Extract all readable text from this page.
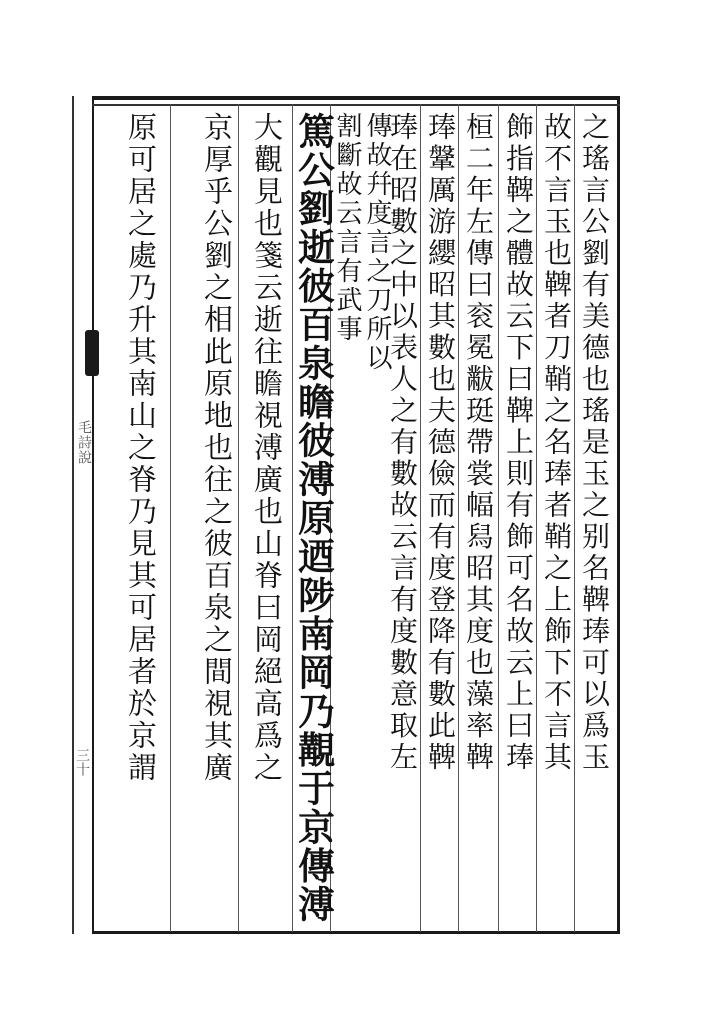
毛詩說
三十	之瑤言公劉有美德也瑤是玉之别名鞞琫可以爲玉
故不言玉也鞞者刀鞘之名琫者鞘之上飾下不言其
飾指鞞之體故云下曰鞞上則有飾可名故云上曰琫
桓二年左傳曰衮冕黻珽帶裳幅舄昭其度也藻率鞞
琫鞶厲游纓昭其數也夫德儉而有度登降有數此鞞
琫在昭數之中以表人之有數故云言有度數意取左
傳故幷度言之刀所以
割斷故云言有武事
篤公劉逝彼百泉瞻彼溥原迺陟南岡乃覯于京傳溥
大觀見也箋云逝往瞻視溥廣也山脊曰岡絕高爲之
京厚乎公劉之相此原地也往之彼百泉之間視其廣
原可居之處乃升其南山之脊乃見其可居者於京謂
